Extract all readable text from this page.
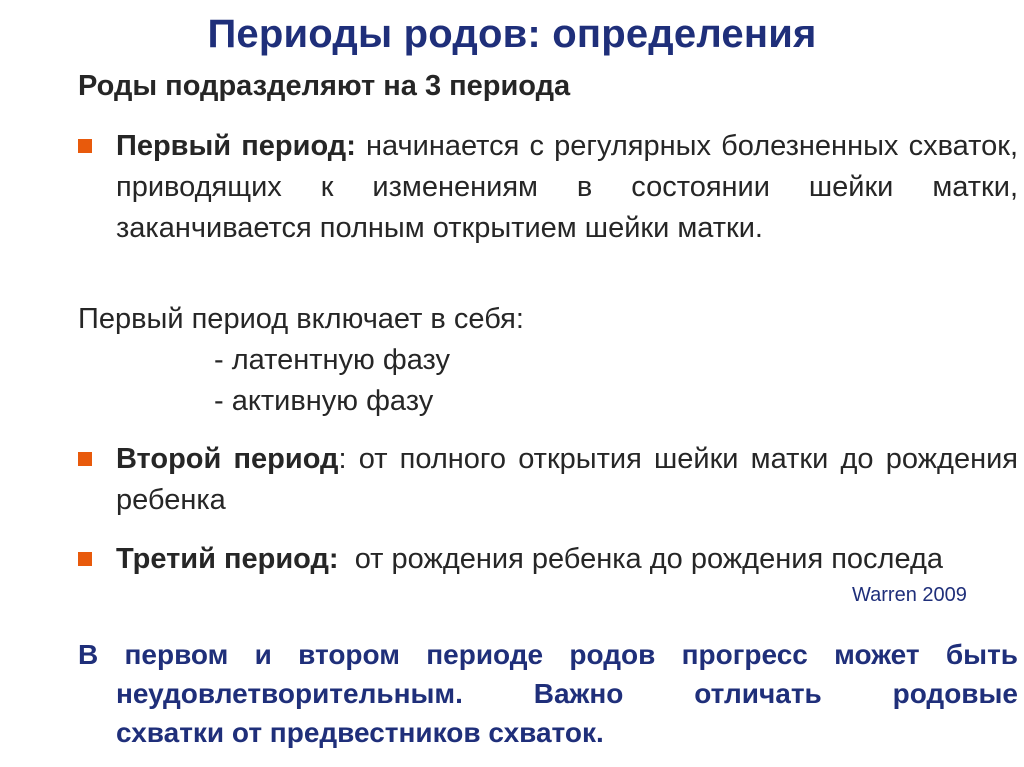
Периоды родов: определения
Роды подразделяют на 3 периода
Первый период: начинается с регулярных болезненных схваток, приводящих к изменениям в состоянии шейки матки, заканчивается полным открытием шейки матки.
Первый период включает в себя:
- латентную фазу
- активную фазу
Второй период: от полного открытия шейки матки до рождения ребенка
Третий период:  от рождения ребенка до рождения последа
Warren 2009
В первом и втором периоде родов прогресс может быть
неудовлетворительным. Важно отличать родовые
схватки от предвестников схваток.
